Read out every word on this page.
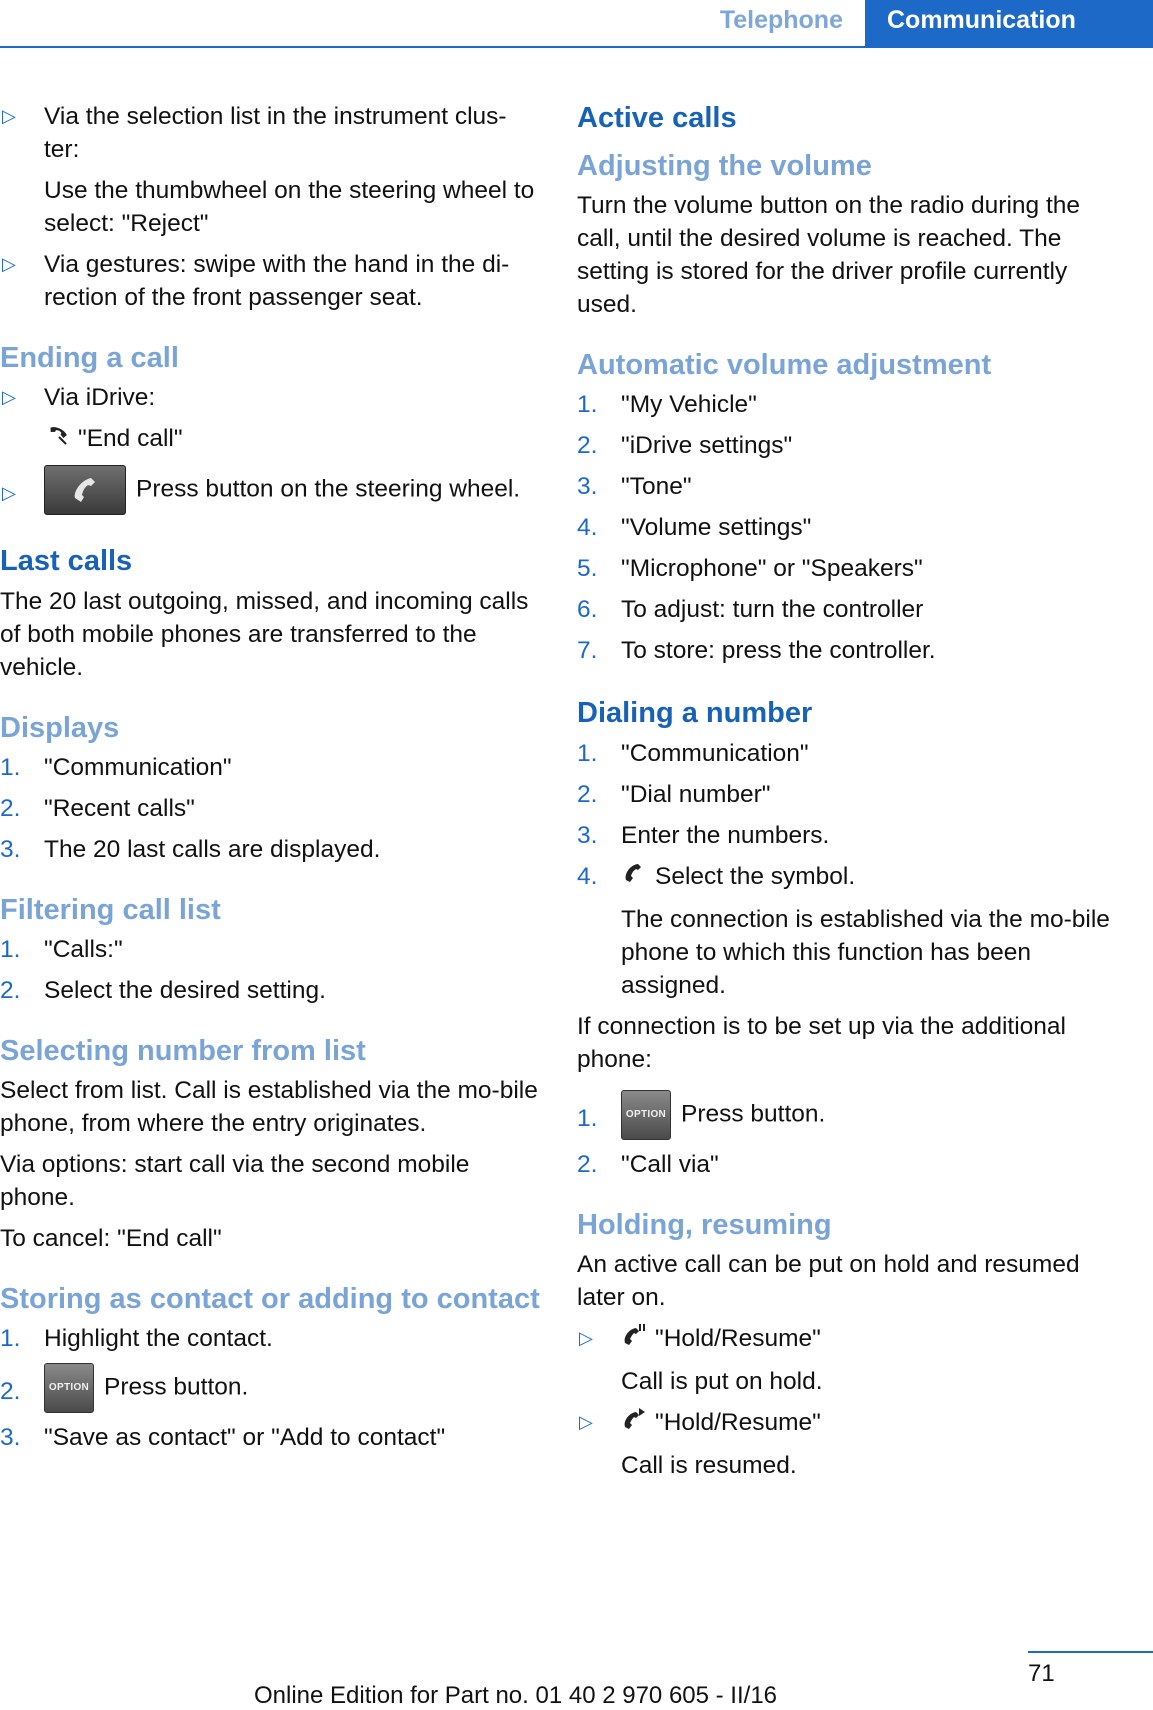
Telephone	Communication
▷ Via the selection list in the instrument clus-ter:
Use the thumbwheel on the steering wheel to select: "Reject"
▷ Via gestures: swipe with the hand in the di-rection of the front passenger seat.
Ending a call
▷ Via iDrive:
"End call"
▷	Press button on the steering wheel.
Last calls

The 20 last outgoing, missed, and incoming calls of both mobile phones are transferred to the vehicle.

Displays
1. "Communication"
2. "Recent calls"
3. The 20 last calls are displayed.
Filtering call list
1. "Calls:"
2. Select the desired setting.
Selecting number from list

Select from list. Call is established via the mo-bile phone, from where the entry originates.

Via options: start call via the second mobile phone.

To cancel: "End call"

Storing as contact or adding to contact
1. Highlight the contact.
2.	OPTION Press button.
3. "Save as contact" or "Add to contact"
Active calls
Adjusting the volume

Turn the volume button on the radio during the call, until the desired volume is reached. The setting is stored for the driver profile currently used.

Automatic volume adjustment
1. "My Vehicle"
2. "iDrive settings"
3. "Tone"
4. "Volume settings"
5. "Microphone" or "Speakers"
6. To adjust: turn the controller
7. To store: press the controller.
Dialing a number
1. "Communication"
2. "Dial number"
3. Enter the numbers.
4. Select the symbol.
The connection is established via the mo-bile phone to which this function has been assigned.

If connection is to be set up via the additional phone:

1.	OPTION Press button.
2. "Call via"
Holding, resuming

An active call can be put on hold and resumed later on.

▷	"Hold/Resume"
Call is put on hold.
▷	"Hold/Resume"
Call is resumed.
71
Online Edition for Part no. 01 40 2 970 605 - II/16
